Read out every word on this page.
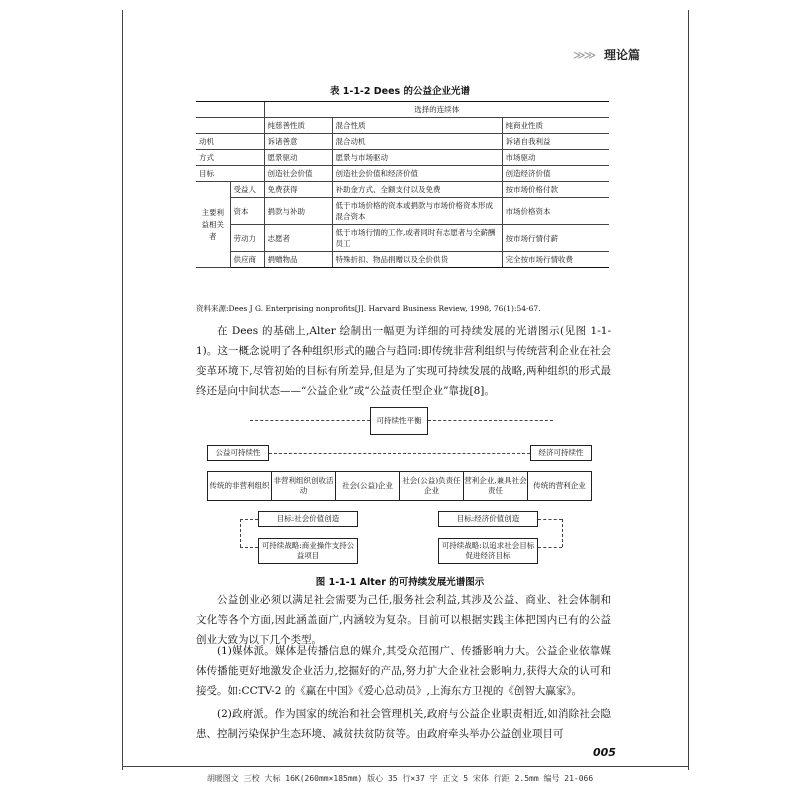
≫≫ 理论篇
表 1-1-2 Dees 的公益企业光谱
		选择的连续体		
		纯慈善性质	混合性质	纯商业性质
动机		诉诸善意	混合动机	诉诸自我利益
方式		愿景驱动	愿景与市场驱动	市场驱动
目标		创造社会价值	创造社会价值和经济价值	创造经济价值
主要利益相关者	受益人	免费获得	补助金方式、全额支付以及免费	按市场价格付款
	资本	捐款与补助	低于市场价格的资本或捐款与市场价格资本形成混合资本	市场价格资本
	劳动力	志愿者	低于市场行情的工作,或者同时有志愿者与全薪酬员工	按市场行情付薪
	供应商	捐赠物品	特殊折扣、物品捐赠以及全价供货	完全按市场行情收费
资料来源:Dees J G. Enterprising nonprofits[J]. Harvard Business Review, 1998, 76(1):54-67.

在 Dees 的基础上,Alter 绘制出一幅更为详细的可持续发展的光谱图示(见图 1-1-1)。这一概念说明了各种组织形式的融合与趋同:即传统非营利组织与传统营利企业在社会变革环境下,尽管初始的目标有所差异,但是为了实现可持续发展的战略,两种组织的形式最终还是向中间状态——“公益企业”或“公益责任型企业”靠拢[8]。

可持续性平衡
公益可持续性	经济可持续性
传统的非营利组织
非营利组织创收活动
社会(公益)企业
社会(公益)负责任企业
营利企业,兼具社会责任
传统的营利企业
目标:社会价值创造	目标:经济价值创造
可持续战略:商业操作支持公益项目
可持续战略:以追求社会目标促进经济目标
图 1-1-1 Alter 的可持续发展光谱图示

公益创业必须以满足社会需要为己任,服务社会利益,其涉及公益、商业、社会体制和文化等各个方面,因此涵盖面广,内涵较为复杂。目前可以根据实践主体把国内已有的公益创业大致为以下几个类型。

(1)媒体派。媒体是传播信息的媒介,其受众范围广、传播影响力大。公益企业依靠媒体传播能更好地激发企业活力,挖掘好的产品,努力扩大企业社会影响力,获得大众的认可和接受。如:CCTV-2 的《赢在中国》《爱心总动员》,上海东方卫视的《创智大赢家》。

(2)政府派。作为国家的统治和社会管理机关,政府与公益企业职责相近,如消除社会隐患、控制污染保护生态环境、减贫扶贫防贫等。由政府牵头举办公益创业项目可

005
胡暖图文 三校 大标 16K(260mm×185mm) 版心 35 行×37 字 正文 5 宋体 行距 2.5mm 编号 21-066
